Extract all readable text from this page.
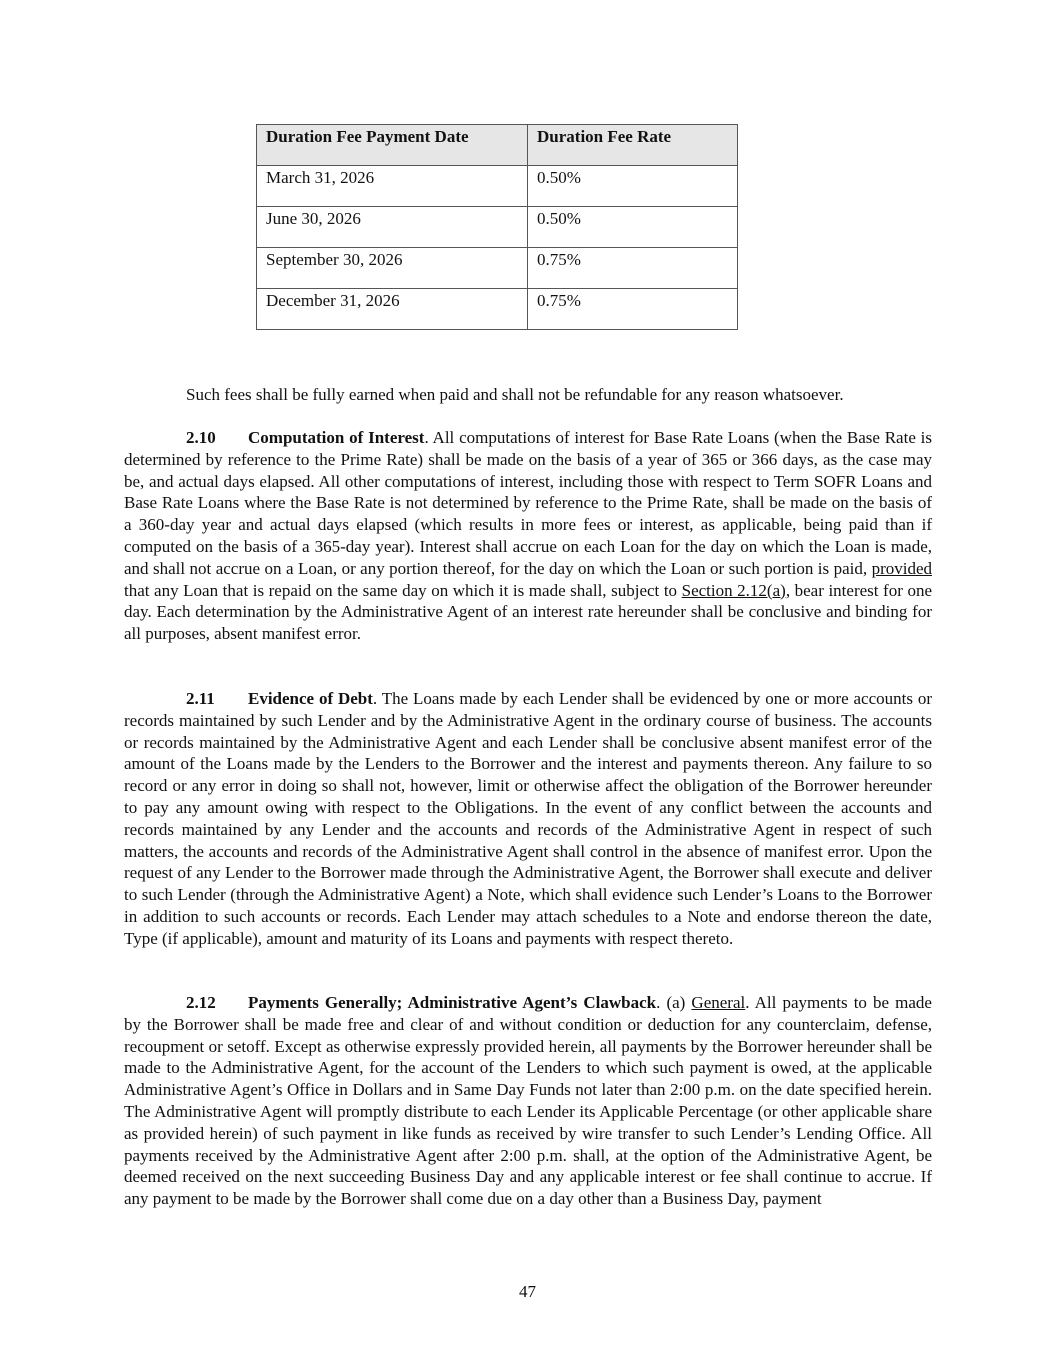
Duration Fee Payment Date	Duration Fee Rate
March 31, 2026	0.50%
June 30, 2026	0.50%
September 30, 2026	0.75%
December 31, 2026	0.75%

Such fees shall be fully earned when paid and shall not be refundable for any reason whatsoever.

2.10 Computation of Interest. All computations of interest for Base Rate Loans (when the Base Rate is determined by reference to the Prime Rate) shall be made on the basis of a year of 365 or 366 days, as the case may be, and actual days elapsed. All other computations of interest, including those with respect to Term SOFR Loans and Base Rate Loans where the Base Rate is not determined by reference to the Prime Rate, shall be made on the basis of a 360-day year and actual days elapsed (which results in more fees or interest, as applicable, being paid than if computed on the basis of a 365-day year). Interest shall accrue on each Loan for the day on which the Loan is made, and shall not accrue on a Loan, or any portion thereof, for the day on which the Loan or such portion is paid, provided that any Loan that is repaid on the same day on which it is made shall, subject to Section 2.12(a), bear interest for one day. Each determination by the Administrative Agent of an interest rate hereunder shall be conclusive and binding for all purposes, absent manifest error.

2.11 Evidence of Debt. The Loans made by each Lender shall be evidenced by one or more accounts or records maintained by such Lender and by the Administrative Agent in the ordinary course of business. The accounts or records maintained by the Administrative Agent and each Lender shall be conclusive absent manifest error of the amount of the Loans made by the Lenders to the Borrower and the interest and payments thereon. Any failure to so record or any error in doing so shall not, however, limit or otherwise affect the obligation of the Borrower hereunder to pay any amount owing with respect to the Obligations. In the event of any conflict between the accounts and records maintained by any Lender and the accounts and records of the Administrative Agent in respect of such matters, the accounts and records of the Administrative Agent shall control in the absence of manifest error. Upon the request of any Lender to the Borrower made through the Administrative Agent, the Borrower shall execute and deliver to such Lender (through the Administrative Agent) a Note, which shall evidence such Lender’s Loans to the Borrower in addition to such accounts or records. Each Lender may attach schedules to a Note and endorse thereon the date, Type (if applicable), amount and maturity of its Loans and payments with respect thereto.

2.12 Payments Generally; Administrative Agent’s Clawback. (a) General. All payments to be made by the Borrower shall be made free and clear of and without condition or deduction for any counterclaim, defense, recoupment or setoff. Except as otherwise expressly provided herein, all payments by the Borrower hereunder shall be made to the Administrative Agent, for the account of the Lenders to which such payment is owed, at the applicable Administrative Agent’s Office in Dollars and in Same Day Funds not later than 2:00 p.m. on the date specified herein. The Administrative Agent will promptly distribute to each Lender its Applicable Percentage (or other applicable share as provided herein) of such payment in like funds as received by wire transfer to such Lender’s Lending Office. All payments received by the Administrative Agent after 2:00 p.m. shall, at the option of the Administrative Agent, be deemed received on the next succeeding Business Day and any applicable interest or fee shall continue to accrue. If any payment to be made by the Borrower shall come due on a day other than a Business Day, payment

47
